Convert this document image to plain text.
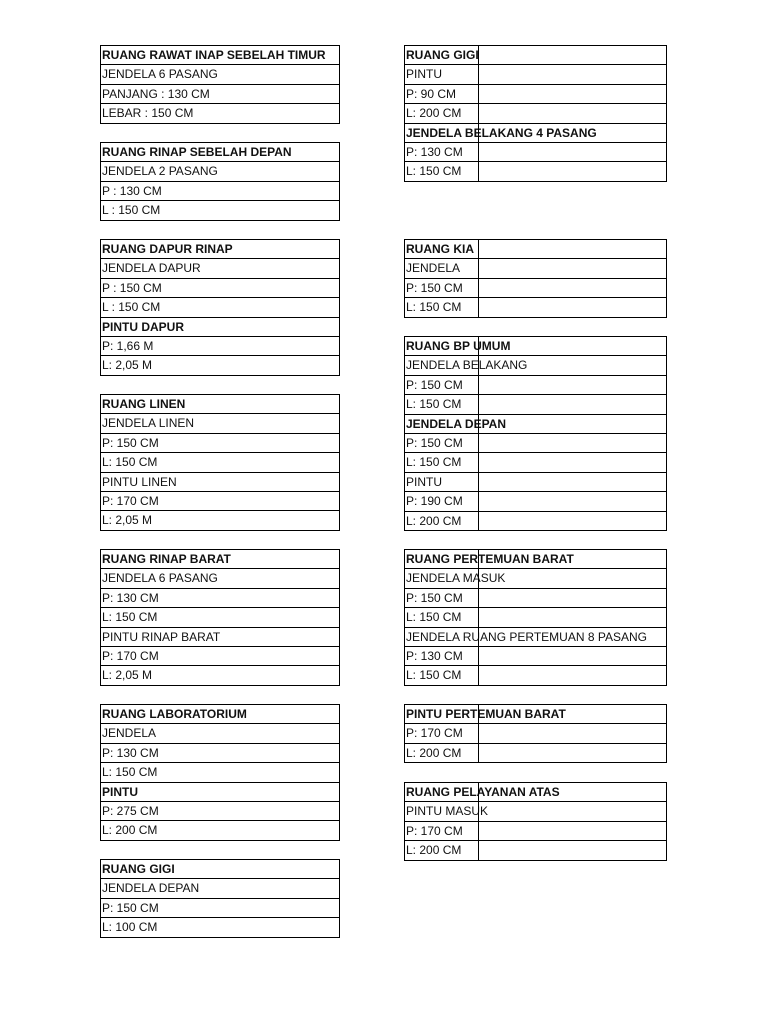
RUANG RAWAT INAP SEBELAH TIMUR
JENDELA 6 PASANG
PANJANG : 130 CM
LEBAR : 150 CM
RUANG RINAP SEBELAH DEPAN
JENDELA 2 PASANG
P : 130 CM
L : 150 CM
RUANG DAPUR RINAP
JENDELA DAPUR
P : 150 CM
L : 150 CM
PINTU DAPUR
P: 1,66 M
L: 2,05 M
RUANG LINEN
JENDELA LINEN
P: 150 CM
L: 150 CM
PINTU LINEN
P: 170 CM
L: 2,05 M
RUANG RINAP BARAT
JENDELA 6 PASANG
P: 130 CM
L: 150 CM
PINTU RINAP BARAT
P: 170 CM
L: 2,05 M
RUANG LABORATORIUM
JENDELA
P: 130 CM
L: 150 CM
PINTU
P: 275 CM
L: 200 CM
RUANG GIGI
JENDELA DEPAN
P: 150 CM
L: 100 CM
RUANG GIGI
PINTU
P: 90 CM
L: 200 CM
JENDELA BELAKANG 4 PASANG
P: 130 CM
L: 150 CM
RUANG KIA
JENDELA
P: 150 CM
L: 150 CM
RUANG BP UMUM
JENDELA BELAKANG
P: 150 CM
L: 150 CM
JENDELA DEPAN
P: 150 CM
L: 150 CM
PINTU
P: 190 CM
L: 200 CM
RUANG PERTEMUAN BARAT
JENDELA MASUK
P: 150 CM
L: 150 CM
JENDELA RUANG PERTEMUAN 8 PASANG
P: 130 CM
L: 150 CM
PINTU PERTEMUAN BARAT
P: 170 CM
L: 200 CM
RUANG PELAYANAN ATAS
PINTU MASUK
P: 170 CM
L: 200 CM
